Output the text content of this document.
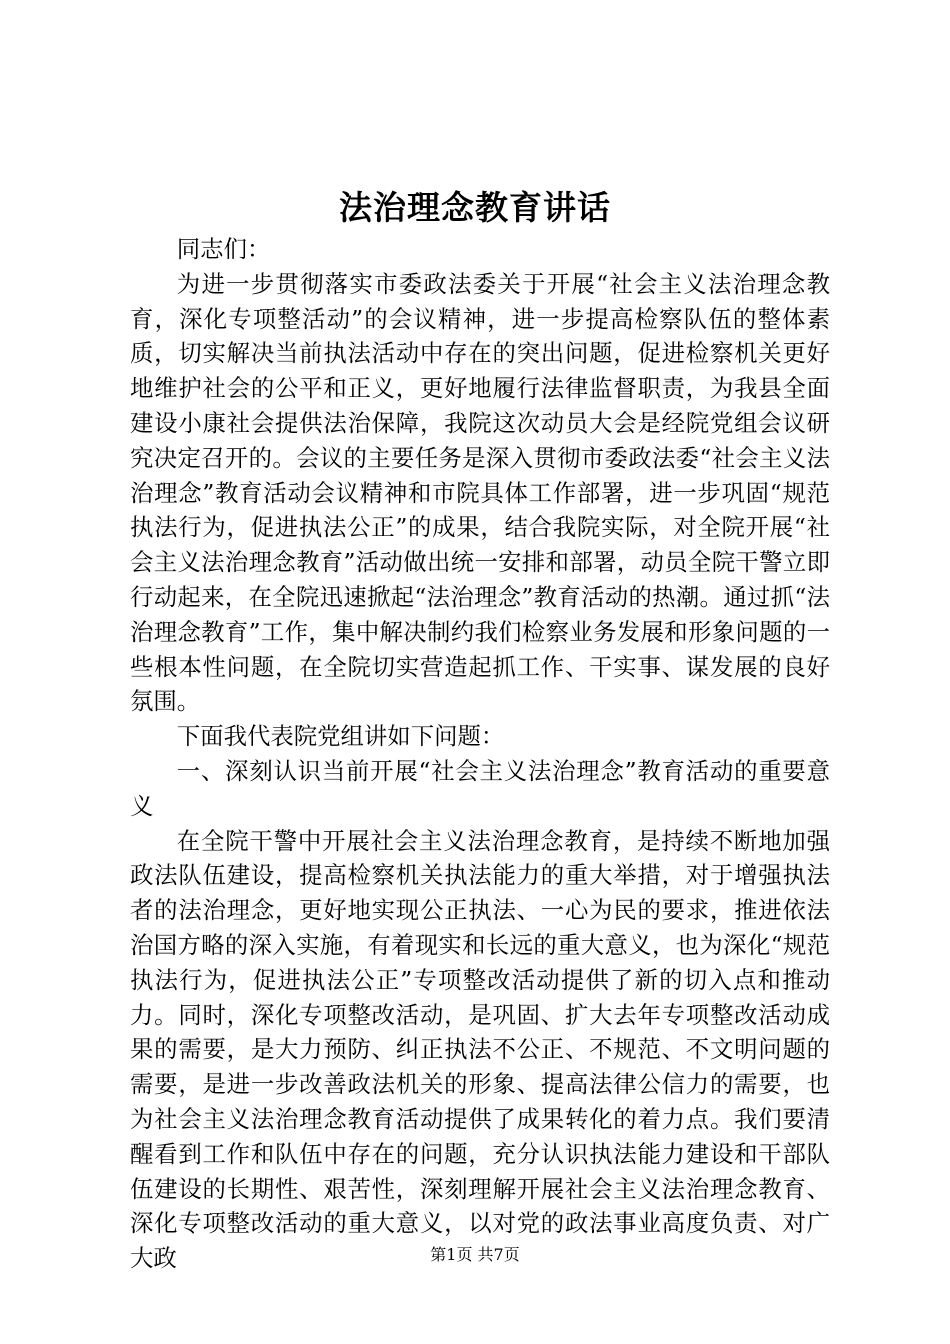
法治理念教育讲话

同志们：

为进一步贯彻落实市委政法委关于开展“社会主义法治理念教育，深化专项整活动”的会议精神，进一步提高检察队伍的整体素质，切实解决当前执法活动中存在的突出问题，促进检察机关更好地维护社会的公平和正义，更好地履行法律监督职责，为我县全面建设小康社会提供法治保障，我院这次动员大会是经院党组会议研究决定召开的。会议的主要任务是深入贯彻市委政法委“社会主义法治理念”教育活动会议精神和市院具体工作部署，进一步巩固“规范执法行为，促进执法公正”的成果，结合我院实际，对全院开展“社会主义法治理念教育”活动做出统一安排和部署，动员全院干警立即行动起来，在全院迅速掀起“法治理念”教育活动的热潮。通过抓“法治理念教育”工作，集中解决制约我们检察业务发展和形象问题的一些根本性问题，在全院切实营造起抓工作、干实事、谋发展的良好氛围。

下面我代表院党组讲如下问题：

一、深刻认识当前开展“社会主义法治理念”教育活动的重要意义

在全院干警中开展社会主义法治理念教育，是持续不断地加强政法队伍建设，提高检察机关执法能力的重大举措，对于增强执法者的法治理念，更好地实现公正执法、一心为民的要求，推进依法治国方略的深入实施，有着现实和长远的重大意义，也为深化“规范执法行为，促进执法公正”专项整改活动提供了新的切入点和推动力。同时，深化专项整改活动，是巩固、扩大去年专项整改活动成果的需要，是大力预防、纠正执法不公正、不规范、不文明问题的需要，是进一步改善政法机关的形象、提高法律公信力的需要，也为社会主义法治理念教育活动提供了成果转化的着力点。我们要清醒看到工作和队伍中存在的问题，充分认识执法能力建设和干部队伍建设的长期性、艰苦性，深刻理解开展社会主义法治理念教育、深化专项整改活动的重大意义，以对党的政法事业高度负责、对广大政	第1页 共7页
